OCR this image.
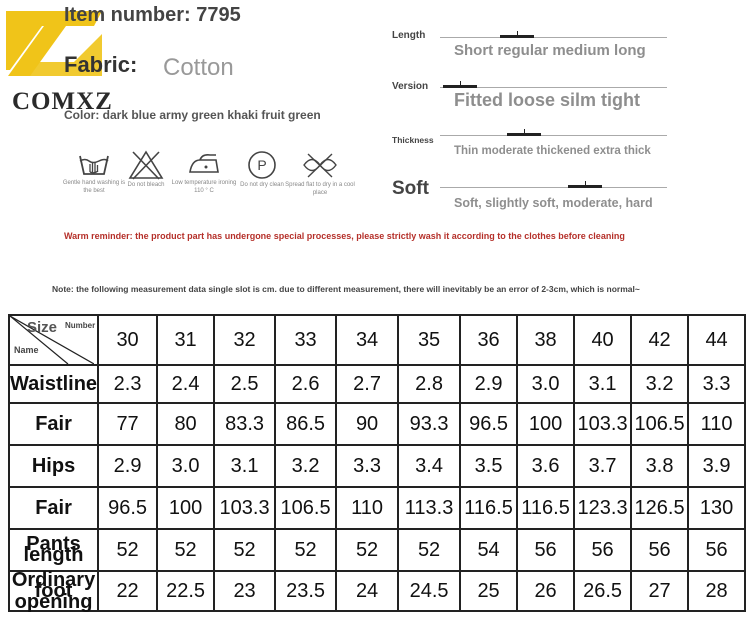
COMXZ
Item number: 7795
Fabric: Cotton
Color: dark blue army green khaki fruit green
Gentle hand washing is the best
Do not bleach	Low temperature ironing 110 ° C
P
Do not dry clean Spread flat to dry in a cool place
Length
Short regular medium long
Version
Fitted loose silm tight
Thickness
Thin moderate thickened extra thick
Soft
Soft, slightly soft, moderate, hard
Warm reminder: the product part has undergone special processes, please strictly wash it according to the clothes before cleaning
Note: the following measurement data single slot is cm. due to different measurement, there will inevitably be an error of 2-3cm, which is normal~
Size Number
Name	30	31	32	33	34	35	36	38	40	42	44
Waistline	2.3	2.4	2.5	2.6	2.7	2.8	2.9	3.0	3.1	3.2	3.3
Fair	77	80	83.3	86.5	90	93.3	96.5	100	103.3	106.5	110
Hips	2.9	3.0	3.1	3.2	3.3	3.4	3.5	3.6	3.7	3.8	3.9
Fair	96.5	100	103.3	106.5	110	113.3	116.5	116.5	123.3	126.5	130
Pants length	52	52	52	52	52	52	54	56	56	56	56
Ordinary foot opening	22	22.5	23	23.5	24	24.5	25	26	26.5	27	28
